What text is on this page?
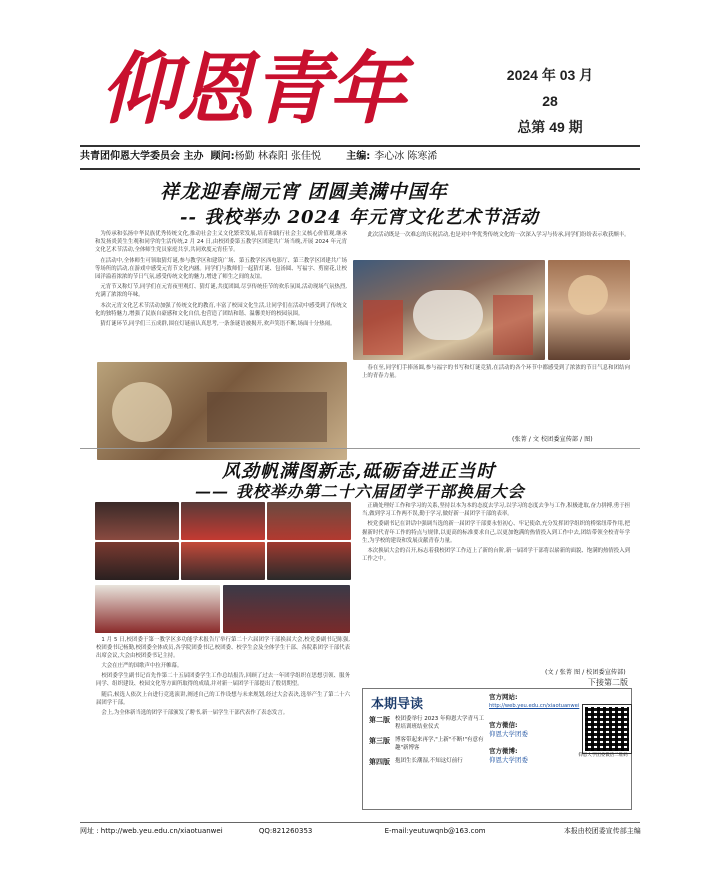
仰恩青年	2024 年 03 月
28
总第 49 期
共青团仰恩大学委员会 主办 顾问:杨勤 林森阳 张佳悦	主编: 李心冰 陈寒浠
祥龙迎春闹元宵 团圆美满中国年
-- 我校举办 2024 年元宵文化艺术节活动

为传承和弘扬中华民族优秀传统文化,推动社会主义文化繁荣发展,培育和践行社会主义核心价值观,继承和发扬炎黄生生观和同学的生活传统,2 月 24 日,由校团委第五教学区团建共广场当晚,开展 2024 年元宵文化艺术节活动,全体师生党员家庭共享,共同欢度元宵佳节。

在活动中,全体师生可领取猜灯谜,参与教学区和建筑广场、第五教学区西电影厅、第三教学区团建共广场等场所的活动,在游戏中感受元宵节文化内涵。同学们与教师们一起猜灯谜、包汤圆、写福字、剪窗花,让校园洋溢着浓浓的节日气氛,感受传统文化的魅力,增进了师生之间的友谊。

元宵节又称灯节,同学们在元宵夜里观灯、猜灯谜,共度团圆,尽享传统佳节的欢乐氛围,活动现场气氛热烈,充满了浓浓的年味。

本次元宵文化艺术节活动加强了传统文化的教育,丰富了校园文化生活,让同学们在活动中感受到了传统文化的独特魅力,增强了民族自豪感和文化自信,也营造了团结和谐、温馨美好的校园氛围。

猜灯谜环节,同学们三五成群,围在灯谜前认真思考,一条条谜语被揭开,欢声笑语不断,场面十分热闹。

此次活动既是一次难忘的庆祝活动,也是对中华优秀传统文化的一次深入学习与传承,同学们纷纷表示收获颇丰。

春在至,同学们手捧汤圆,参与福字的书写和灯谜竞猜,在活动的各个环节中都感受到了浓浓的节日气息和团结向上的青春力量。

(张菁 / 文 校团委宣传部 / 图)
风劲帆满图新志,砥砺奋进正当时
—— 我校举办第二十六届团学干部换届大会

1 月 5 日,校团委于第一教学区多功能学术报告厅举行第二十六届团学干部换届大会,校党委副书记陈强,校团委书记杨勤,校团委全体成员,各学院团委书记,校团委、校学生会及全体学生干部、各院系团学干部代表出席会议,大会由校团委书记主持。

大会在庄严的国歌声中拉开帷幕。

校团委学生副书记首先作第二十五届团委学生工作总结报告,回顾了过去一年团学组织在思想引领、服务同学、组织建设、校园文化等方面所取得的成绩,并对新一届团学干部提出了殷切期望。

随后,候选人依次上台进行竞选演讲,阐述自己的工作设想与未来规划,经过大会表决,选举产生了第二十六届团学干部。

会上,为全体新当选的团学干部颁发了聘书,新一届学生干部代表作了表态发言。

正确处理好工作和学习的关系,坚持以本为本的态度去学习,以学习的态度去争与工作,积极进取,奋力拼搏,勇于担当,做到学习工作两不误,勤于学习,做好新一届团学干部的表率。

校党委副书记在讲话中强调当选的新一届团学干部要永恒初心、牢记使命,充分发挥团学组织的桥梁纽带作用,把握新时代青年工作的特点与规律,以更高的标准要求自己,以更加饱满的热情投入到工作中去,团结带领全校青年学生,为学校的建设和发展贡献青春力量。

本次换届大会的召开,标志着我校团学工作迈上了新的台阶,新一届团学干部将以崭新的面貌、饱满的热情投入到工作之中。

(文 / 张菁 图 / 校团委宣传部)
下接第二版
本期导读
第二版 校团委举行 2023 年仰恩大学青马工程培训班结业仪式
第三版 博客带起来再学,"上新"不断!"有意有趣"新博客
第四版 抱团生长潮湿,不知这灯前行
官方网站:
http://web.yeu.edu.cn/xiaotuanwei
官方微信:
仰恩大学团委
官方微博:
仰恩大学团委
仰恩大学团委微信二维码
网址 : http://web.yeu.edu.cn/xiaotuanwei	QQ:821260353	E-mail:yeutuwqnb@163.com	本报由校团委宣传部主编
